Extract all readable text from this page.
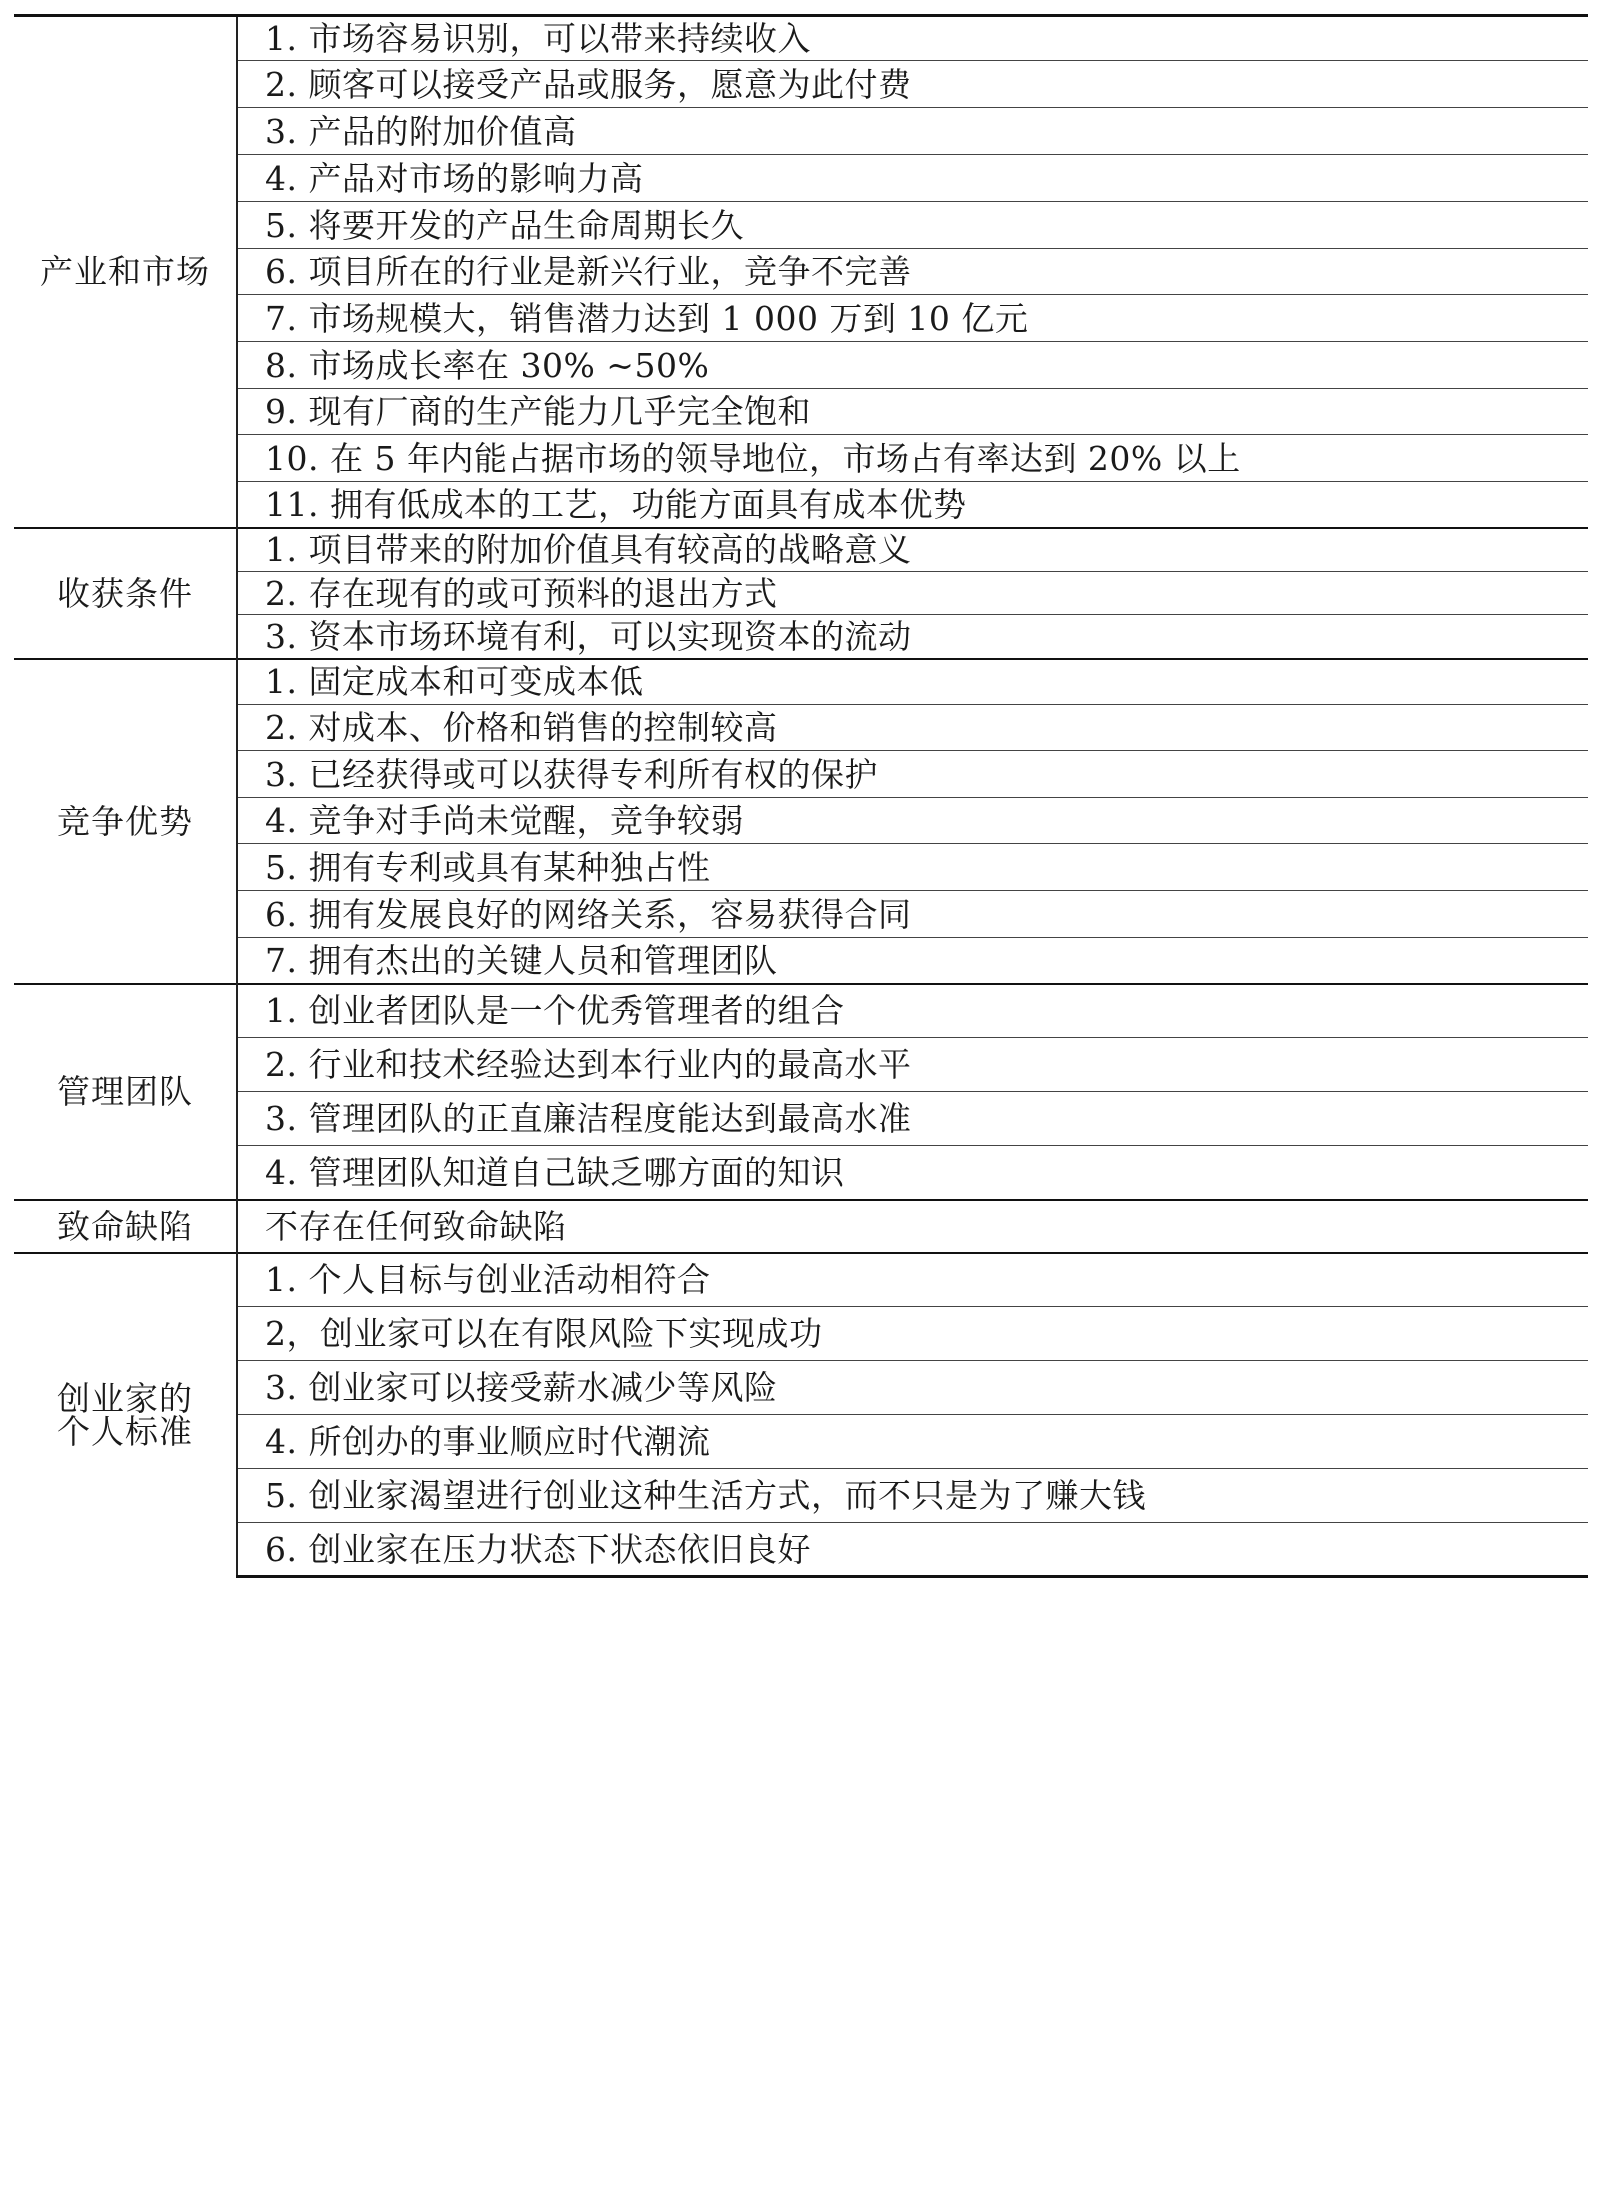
产业和市场	1. 市场容易识别，可以带来持续收入
	2. 顾客可以接受产品或服务，愿意为此付费
	3. 产品的附加价值高
	4. 产品对市场的影响力高
	5. 将要开发的产品生命周期长久
	6. 项目所在的行业是新兴行业，竞争不完善
	7. 市场规模大，销售潜力达到 1 000 万到 10 亿元
	8. 市场成长率在 30% ~50%
	9. 现有厂商的生产能力几乎完全饱和
	10. 在 5 年内能占据市场的领导地位，市场占有率达到 20% 以上
	11. 拥有低成本的工艺，功能方面具有成本优势
收获条件	1. 项目带来的附加价值具有较高的战略意义
	2. 存在现有的或可预料的退出方式
	3. 资本市场环境有利，可以实现资本的流动
竞争优势	1. 固定成本和可变成本低
	2. 对成本、价格和销售的控制较高
	3. 已经获得或可以获得专利所有权的保护
	4. 竞争对手尚未觉醒，竞争较弱
	5. 拥有专利或具有某种独占性
	6. 拥有发展良好的网络关系，容易获得合同
	7. 拥有杰出的关键人员和管理团队
管理团队	1. 创业者团队是一个优秀管理者的组合
	2. 行业和技术经验达到本行业内的最高水平
	3. 管理团队的正直廉洁程度能达到最高水准
	4. 管理团队知道自己缺乏哪方面的知识
致命缺陷	不存在任何致命缺陷
创业家的
个人标准	1. 个人目标与创业活动相符合
	2，创业家可以在有限风险下实现成功
	3. 创业家可以接受薪水减少等风险
	4. 所创办的事业顺应时代潮流
	5. 创业家渴望进行创业这种生活方式，而不只是为了赚大钱
	6. 创业家在压力状态下状态依旧良好
